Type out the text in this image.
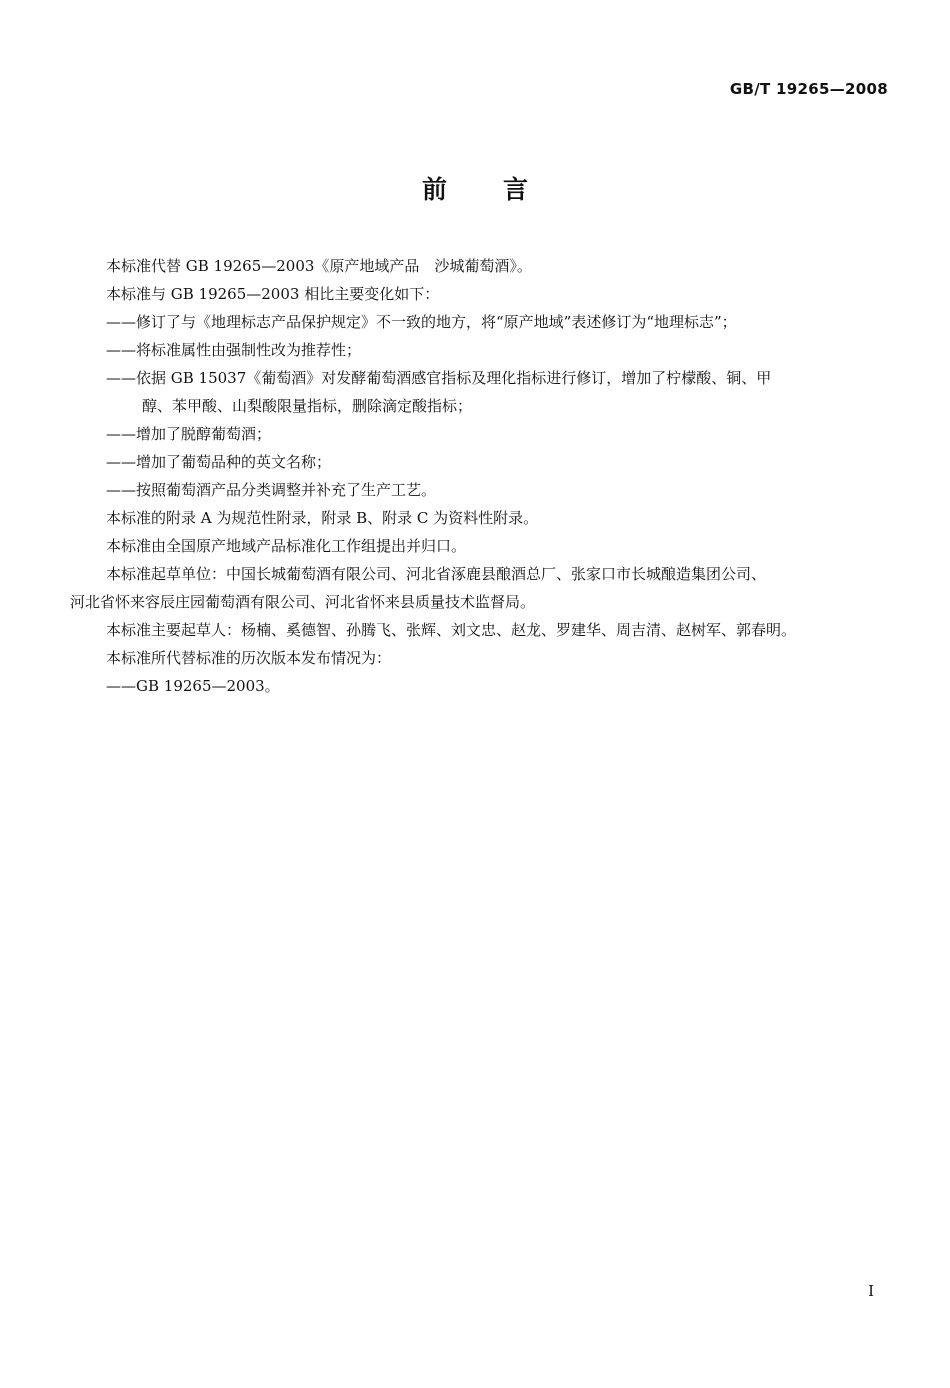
GB/T 19265—2008
前言
本标准代替 GB 19265—2003《原产地域产品　沙城葡萄酒》。
本标准与 GB 19265—2003 相比主要变化如下：
——修订了与《地理标志产品保护规定》不一致的地方，将“原产地域”表述修订为“地理标志”；
——将标准属性由强制性改为推荐性；
——依据 GB 15037《葡萄酒》对发酵葡萄酒感官指标及理化指标进行修订，增加了柠檬酸、铜、甲
醇、苯甲酸、山梨酸限量指标，删除滴定酸指标；
——增加了脱醇葡萄酒；
——增加了葡萄品种的英文名称；
——按照葡萄酒产品分类调整并补充了生产工艺。
本标准的附录 A 为规范性附录，附录 B、附录 C 为资料性附录。
本标准由全国原产地域产品标准化工作组提出并归口。
本标准起草单位：中国长城葡萄酒有限公司、河北省涿鹿县酿酒总厂、张家口市长城酿造集团公司、
河北省怀来容辰庄园葡萄酒有限公司、河北省怀来县质量技术监督局。
本标准主要起草人：杨楠、奚德智、孙腾飞、张辉、刘文忠、赵龙、罗建华、周吉清、赵树军、郭春明。
本标准所代替标准的历次版本发布情况为：
——GB 19265—2003。
I
